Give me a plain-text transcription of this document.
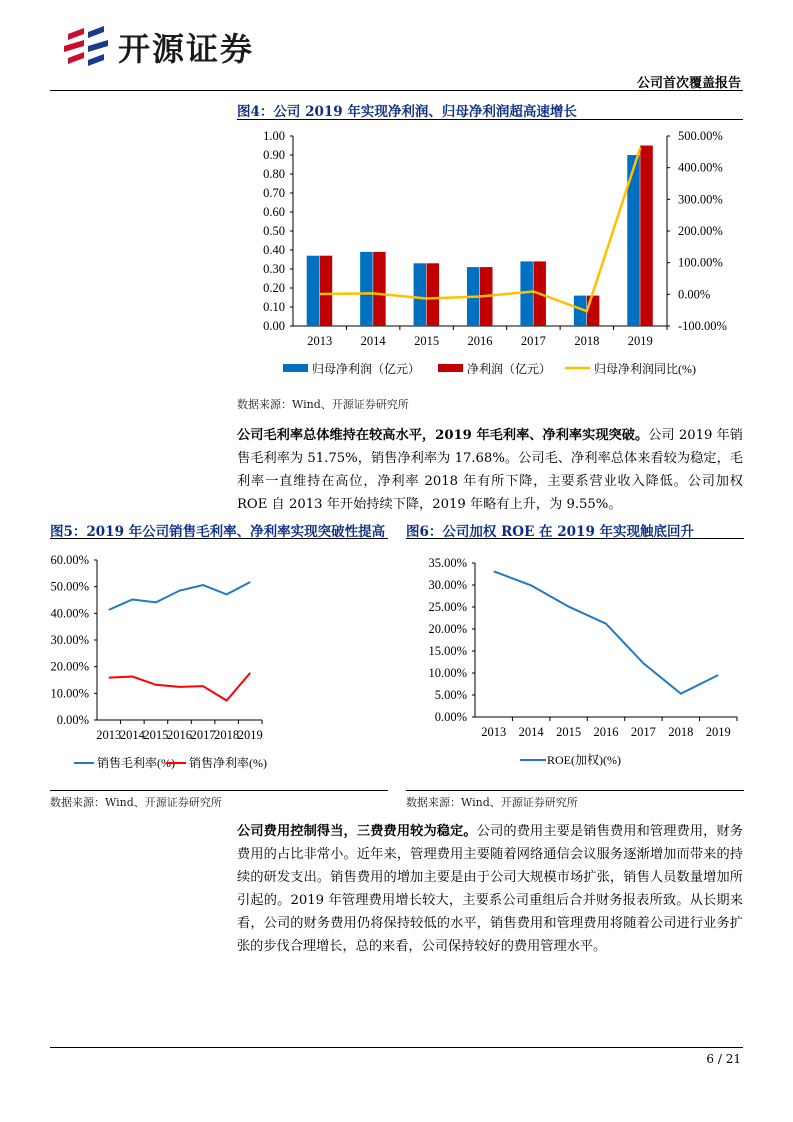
开源证券
公司首次覆盖报告
图4：公司 2019 年实现净利润、归母净利润超高速增长
数据来源：Wind、开源证券研究所
公司毛利率总体维持在较高水平，2019 年毛利率、净利率实现突破。公司 2019 年销售毛利率为 51.75%，销售净利率为 17.68%。公司毛、净利率总体来看较为稳定，毛利率一直维持在高位，净利率 2018 年有所下降，主要系营业收入降低。公司加权 ROE 自 2013 年开始持续下降，2019 年略有上升，为 9.55%。
图5：2019 年公司销售毛利率、净利率实现突破性提高 图6：公司加权 ROE 在 2019 年实现触底回升
数据来源：Wind、开源证券研究所	数据来源：Wind、开源证券研究所
公司费用控制得当，三费费用较为稳定。公司的费用主要是销售费用和管理费用，财务费用的占比非常小。近年来，管理费用主要随着网络通信会议服务逐渐增加而带来的持续的研发支出。销售费用的增加主要是由于公司大规模市场扩张，销售人员数量增加所引起的。2019 年管理费用增长较大，主要系公司重组后合并财务报表所致。从长期来看，公司的财务费用仍将保持较低的水平，销售费用和管理费用将随着公司进行业务扩张的步伐合理增长，总的来看，公司保持较好的费用管理水平。
6 / 21
0.00
0.10
0.20
0.30
0.40
0.50
0.60
0.70
0.80
0.90
1.00
2013 2014 2015 2016 2017 2018 2019
-100.00%
0.00%
100.00%
200.00%
300.00%
400.00%
500.00%
归母净利润（亿元）	净利润（亿元）	归母净利润同比(%)
0.00%
10.00%
20.00%
30.00%
40.00%
50.00%
60.00%
2013
2014
2015
2016
2017
2018
2019
销售毛利率(%) 销售净利率(%)
0.00%
5.00%
10.00%
15.00%
20.00%
25.00%
30.00%
35.00%
2013 2014 2015 2016 2017 2018 2019
ROE(加权)(%)
